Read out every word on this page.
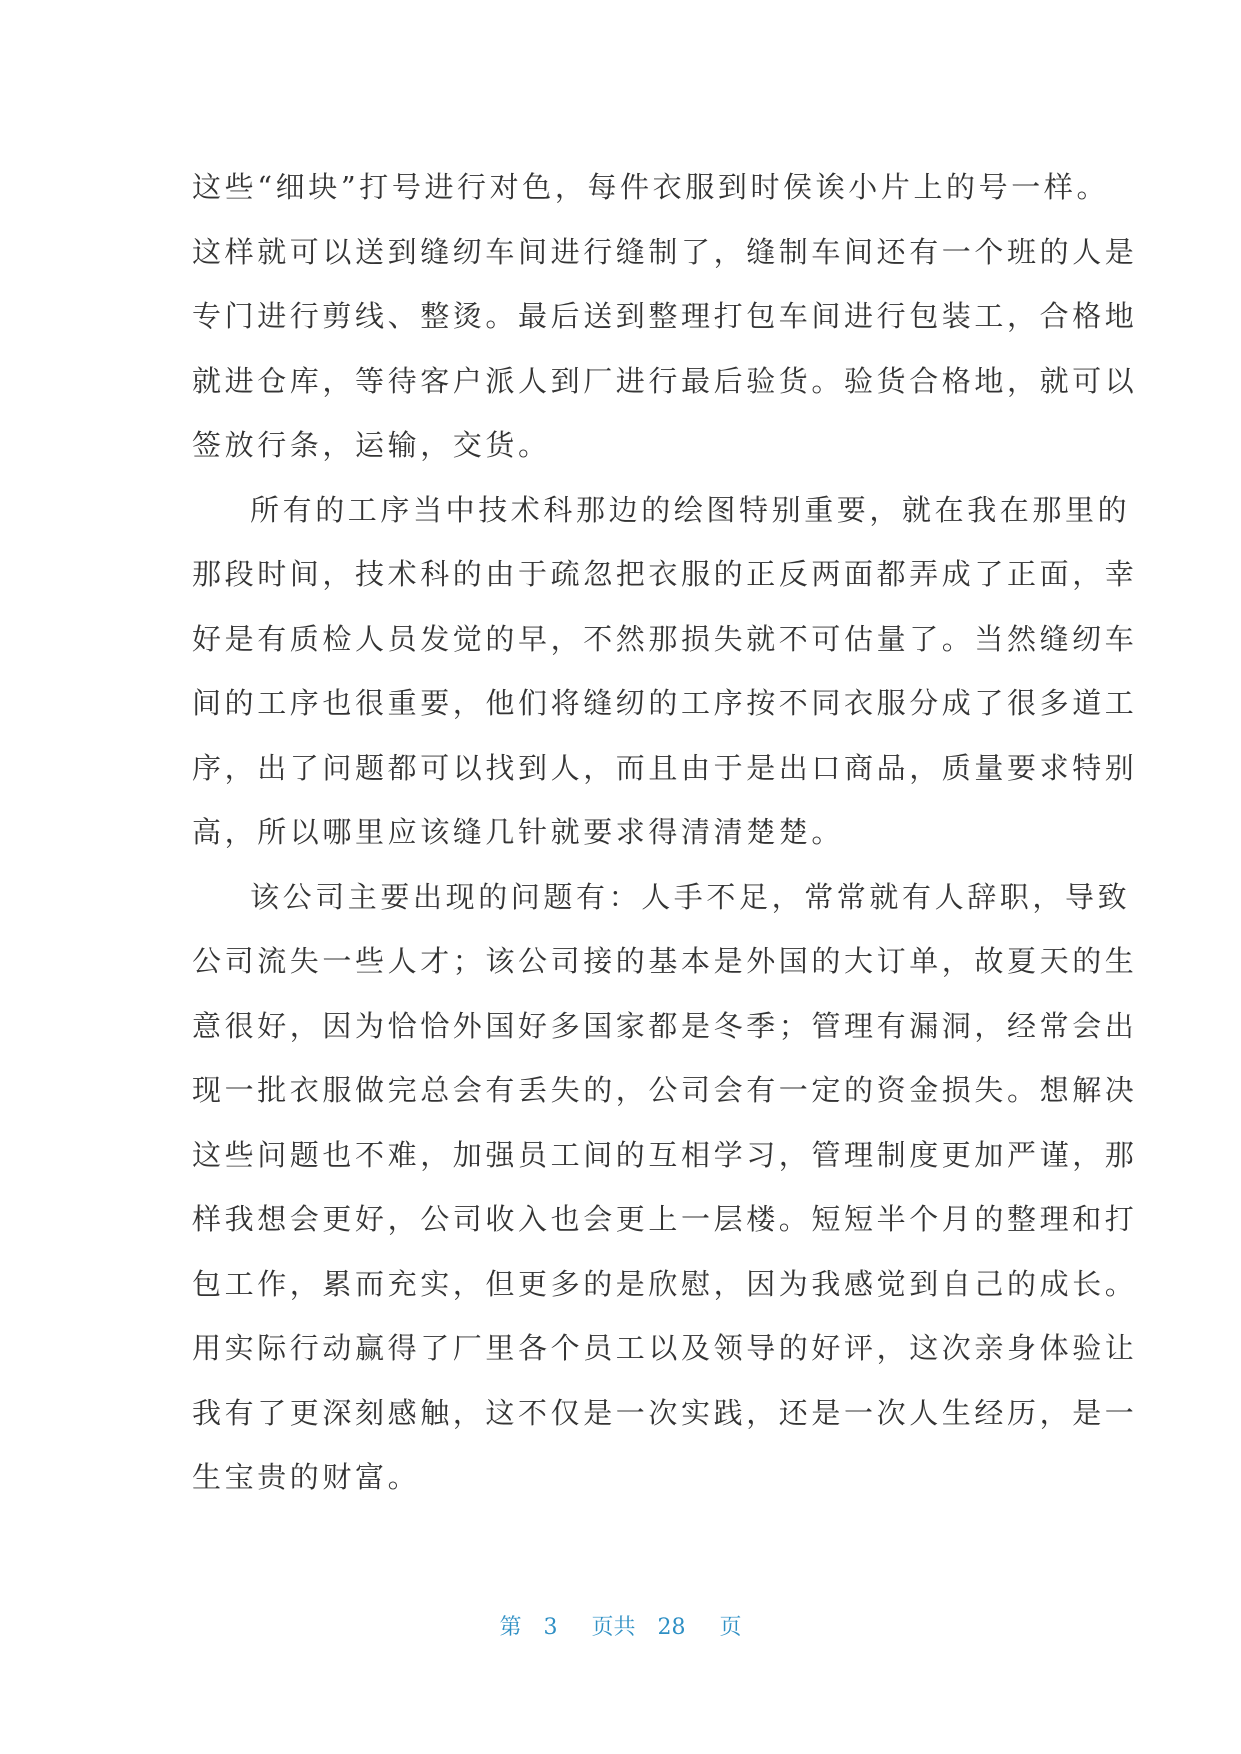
这些“细块”打号进行对色，每件衣服到时侯诶小片上的号一样。
这样就可以送到缝纫车间进行缝制了，缝制车间还有一个班的人是
专门进行剪线、整烫。最后送到整理打包车间进行包装工，合格地
就进仓库，等待客户派人到厂进行最后验货。验货合格地，就可以
签放行条，运输，交货。
所有的工序当中技术科那边的绘图特别重要，就在我在那里的
那段时间，技术科的由于疏忽把衣服的正反两面都弄成了正面，幸
好是有质检人员发觉的早，不然那损失就不可估量了。当然缝纫车
间的工序也很重要，他们将缝纫的工序按不同衣服分成了很多道工
序，出了问题都可以找到人，而且由于是出口商品，质量要求特别
高，所以哪里应该缝几针就要求得清清楚楚。
该公司主要出现的问题有：人手不足，常常就有人辞职，导致
公司流失一些人才；该公司接的基本是外国的大订单，故夏天的生
意很好，因为恰恰外国好多国家都是冬季；管理有漏洞，经常会出
现一批衣服做完总会有丢失的，公司会有一定的资金损失。想解决
这些问题也不难，加强员工间的互相学习，管理制度更加严谨，那
样我想会更好，公司收入也会更上一层楼。短短半个月的整理和打
包工作，累而充实，但更多的是欣慰，因为我感觉到自己的成长。
用实际行动赢得了厂里各个员工以及领导的好评，这次亲身体验让
我有了更深刻感触，这不仅是一次实践，还是一次人生经历，是一
生宝贵的财富。
第 3 页共 28 页
